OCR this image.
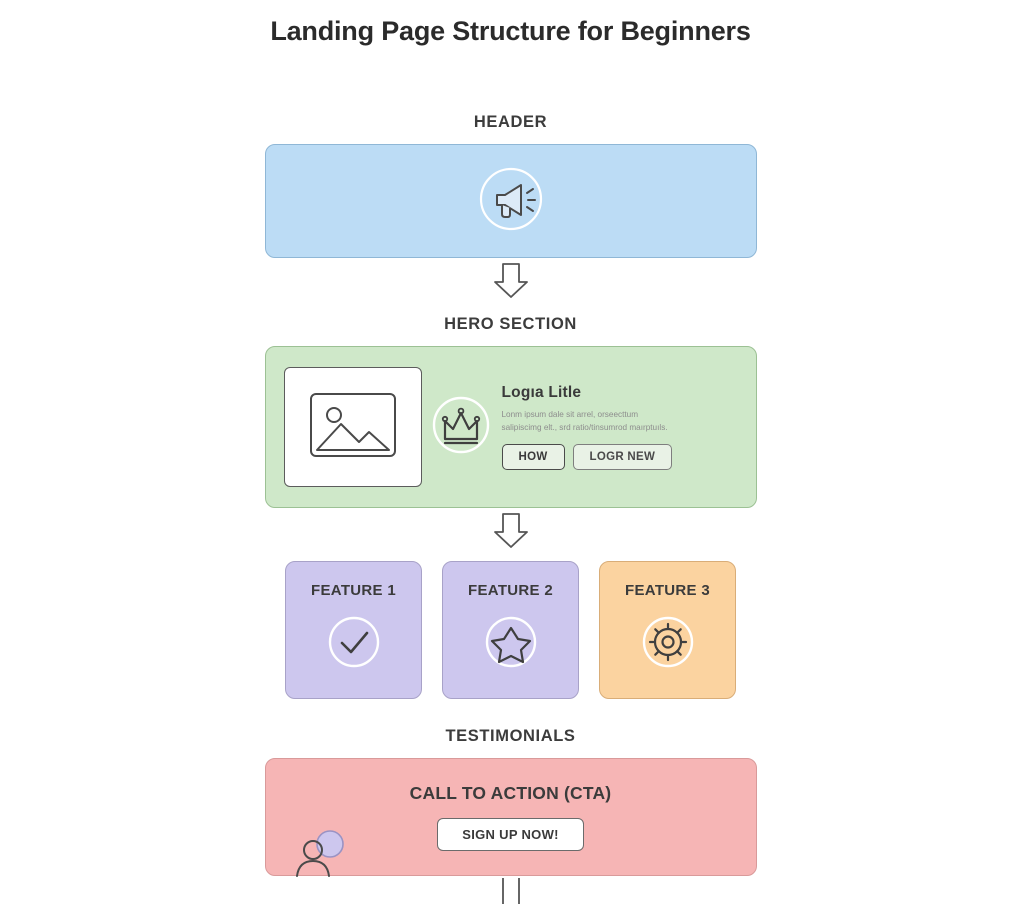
Landing Page Structure for Beginners
HEADER
HERO SECTION
Logıa Litle
Lonm ipsum dale sit arrel, orseecttum salipiscimg elt., srd ratio/tinsumrod maırptuıls.
HOW	LOGR NEW
FEATURE 1	FEATURE 2	FEATURE 3
TESTIMONIALS
CALL TO ACTION (CTA)
SIGN UP NOW!
